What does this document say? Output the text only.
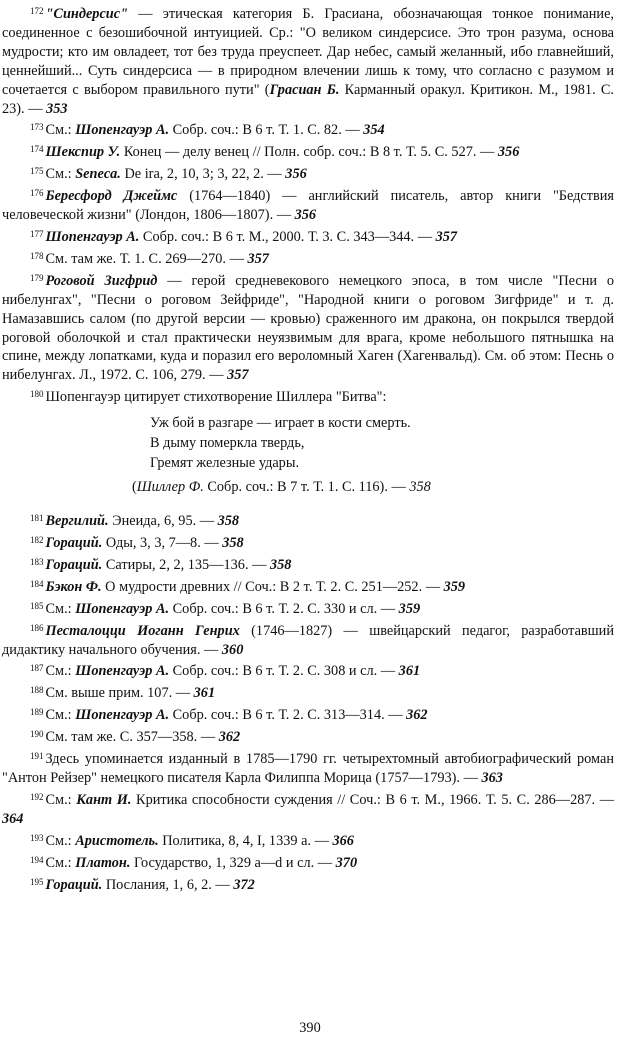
$^{172}$ "Синдерсис" — этическая категория Б. Грасиана, обозначающая тонкое понимание, соединенное с безошибочной интуицией. Ср.: "О великом синдерсисе. Это трон разума, основа мудрости; кто им овладеет, тот без труда преуспеет. Дар небес, самый желанный, ибо главнейший, ценнейший... Суть синдерсиса — в природном влечении лишь к тому, что согласно с разумом и сочетается с выбором правильного пути" (Грасиан Б. Карманный оракул. Критикон. М., 1981. С. 23). — 353

$^{173}$ См.: Шопенгауэр А. Собр. соч.: В 6 т. Т. 1. С. 82. — 354

$^{174}$ Шекспир У. Конец — делу венец // Полн. собр. соч.: В 8 т. Т. 5. С. 527. — 356

$^{175}$ См.: Seneca. De ira, 2, 10, 3; 3, 22, 2. — 356

$^{176}$ Бересфорд Джеймс (1764—1840) — английский писатель, автор книги "Бедствия человеческой жизни" (Лондон, 1806—1807). — 356

$^{177}$ Шопенгауэр А. Собр. соч.: В 6 т. М., 2000. Т. 3. С. 343—344. — 357

$^{178}$ См. там же. Т. 1. С. 269—270. — 357

$^{179}$ Роговой Зигфрид — герой средневекового немецкого эпоса, в том числе "Песни о нибелунгах", "Песни о роговом Зейфриде", "Народной книги о роговом Зигфриде" и т. д. Намазавшись салом (по другой версии — кровью) сраженного им дракона, он покрылся твердой роговой оболочкой и стал практически неуязвимым для врага, кроме небольшого пятнышка на спине, между лопатками, куда и поразил его вероломный Хаген (Хагенвальд). См. об этом: Песнь о нибелунгах. Л., 1972. С. 106, 279. — 357

$^{180}$ Шопенгауэр цитирует стихотворение Шиллера "Битва":

Уж бой в разгаре — играет в кости смерть.

В дыму померкла твердь,

Гремят железные удары.

(Шиллер Ф. Собр. соч.: В 7 т. Т. 1. С. 116). — 358

$^{181}$ Вергилий. Энеида, 6, 95. — 358

$^{182}$ Гораций. Оды, 3, 3, 7—8. — 358

$^{183}$ Гораций. Сатиры, 2, 2, 135—136. — 358

$^{184}$ Бэкон Ф. О мудрости древних // Соч.: В 2 т. Т. 2. С. 251—252. — 359

$^{185}$ См.: Шопенгауэр А. Собр. соч.: В 6 т. Т. 2. С. 330 и сл. — 359

$^{186}$ Песталоцци Иоганн Генрих (1746—1827) — швейцарский педагог, разработавший дидактику начального обучения. — 360

$^{187}$ См.: Шопенгауэр А. Собр. соч.: В 6 т. Т. 2. С. 308 и сл. — 361

$^{188}$ См. выше прим. 107. — 361

$^{189}$ См.: Шопенгауэр А. Собр. соч.: В 6 т. Т. 2. С. 313—314. — 362

$^{190}$ См. там же. С. 357—358. — 362

$^{191}$ Здесь упоминается изданный в 1785—1790 гг. четырехтомный автобиографический роман "Антон Рейзер" немецкого писателя Карла Филиппа Морица (1757—1793). — 363

$^{192}$ См.: Кант И. Критика способности суждения // Соч.: В 6 т. М., 1966. Т. 5. С. 286—287. — 364

$^{193}$ См.: Аристотель. Политика, 8, 4, I, 1339 a. — 366

$^{194}$ См.: Платон. Государство, 1, 329 a—d и сл. — 370

$^{195}$ Гораций. Послания, 1, 6, 2. — 372

390
